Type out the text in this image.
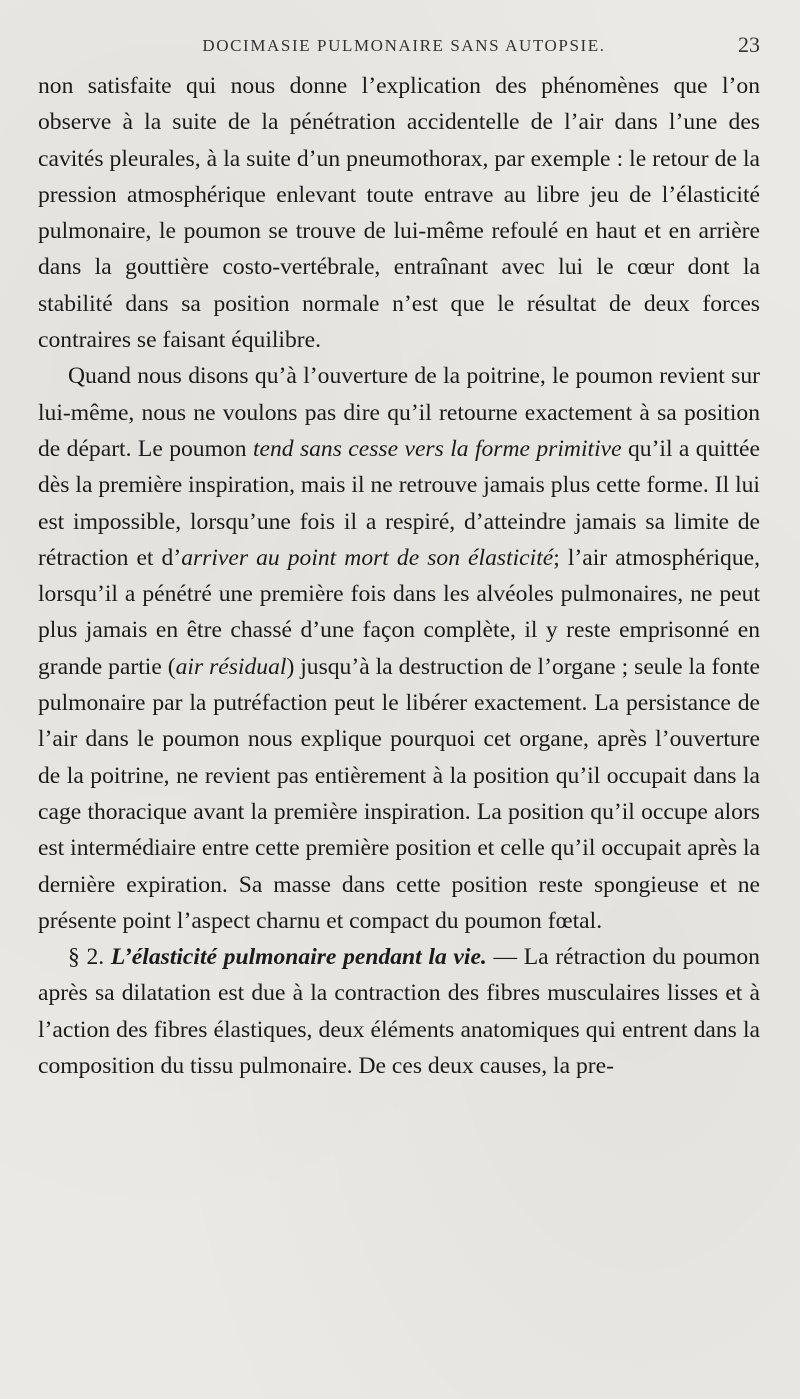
DOCIMASIE PULMONAIRE SANS AUTOPSIE.	23

non satisfaite qui nous donne l’explication des phénomènes que l’on observe à la suite de la pénétration accidentelle de l’air dans l’une des cavités pleurales, à la suite d’un pneumothorax, par exemple : le retour de la pression atmosphérique enlevant toute entrave au libre jeu de l’élasticité pulmonaire, le poumon se trouve de lui-même refoulé en haut et en arrière dans la gouttière costo-vertébrale, entraînant avec lui le cœur dont la stabilité dans sa position normale n’est que le résultat de deux forces contraires se faisant équilibre.

Quand nous disons qu’à l’ouverture de la poitrine, le poumon revient sur lui-même, nous ne voulons pas dire qu’il retourne exactement à sa position de départ. Le poumon tend sans cesse vers la forme primitive qu’il a quittée dès la première inspiration, mais il ne retrouve jamais plus cette forme. Il lui est impossible, lorsqu’une fois il a respiré, d’atteindre jamais sa limite de rétraction et d’arriver au point mort de son élasticité; l’air atmosphérique, lorsqu’il a pénétré une première fois dans les alvéoles pulmonaires, ne peut plus jamais en être chassé d’une façon complète, il y reste emprisonné en grande partie (air résidual) jusqu’à la destruction de l’organe ; seule la fonte pulmonaire par la putréfaction peut le libérer exactement. La persistance de l’air dans le poumon nous explique pourquoi cet organe, après l’ouverture de la poitrine, ne revient pas entièrement à la position qu’il occupait dans la cage thoracique avant la première inspiration. La position qu’il occupe alors est intermédiaire entre cette première position et celle qu’il occupait après la dernière expiration. Sa masse dans cette position reste spongieuse et ne présente point l’aspect charnu et compact du poumon fœtal.

§ 2. L’élasticité pulmonaire pendant la vie. — La rétraction du poumon après sa dilatation est due à la contraction des fibres musculaires lisses et à l’action des fibres élastiques, deux éléments anatomiques qui entrent dans la composition du tissu pulmonaire. De ces deux causes, la pre-
